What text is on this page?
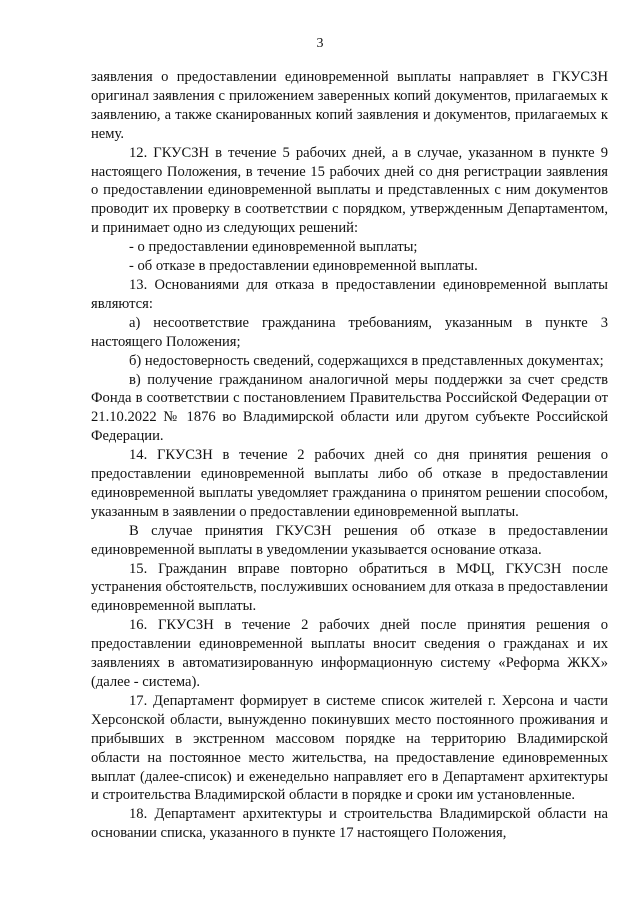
3

заявления о предоставлении единовременной выплаты направляет в ГКУСЗН оригинал заявления с приложением заверенных копий документов, прилагаемых к заявлению, а также сканированных копий заявления и документов, прилагаемых к нему.

12. ГКУСЗН в течение 5 рабочих дней, а в случае, указанном в пункте 9 настоящего Положения, в течение 15 рабочих дней со дня регистрации заявления о предоставлении единовременной выплаты и представленных с ним документов проводит их проверку в соответствии с порядком, утвержденным Департаментом, и принимает одно из следующих решений:

- о предоставлении единовременной выплаты;

- об отказе в предоставлении единовременной выплаты.

13. Основаниями для отказа в предоставлении единовременной выплаты являются:

а) несоответствие гражданина требованиям, указанным в пункте 3 настоящего Положения;

б) недостоверность сведений, содержащихся в представленных документах;

в) получение гражданином аналогичной меры поддержки за счет средств Фонда в соответствии с постановлением Правительства Российской Федерации от 21.10.2022 № 1876 во Владимирской области или другом субъекте Российской Федерации.

14. ГКУСЗН в течение 2 рабочих дней со дня принятия решения о предоставлении единовременной выплаты либо об отказе в предоставлении единовременной выплаты уведомляет гражданина о принятом решении способом, указанным в заявлении о предоставлении единовременной выплаты.

В случае принятия ГКУСЗН решения об отказе в предоставлении единовременной выплаты в уведомлении указывается основание отказа.

15. Гражданин вправе повторно обратиться в МФЦ, ГКУСЗН после устранения обстоятельств, послуживших основанием для отказа в предоставлении единовременной выплаты.

16. ГКУСЗН в течение 2 рабочих дней после принятия решения о предоставлении единовременной выплаты вносит сведения о гражданах и их заявлениях в автоматизированную информационную систему «Реформа ЖКХ» (далее - система).

17. Департамент формирует в системе список жителей г. Херсона и части Херсонской области, вынужденно покинувших место постоянного проживания и прибывших в экстренном массовом порядке на территорию Владимирской области на постоянное место жительства, на предоставление единовременных выплат (далее-список) и еженедельно направляет его в Департамент архитектуры и строительства Владимирской области в порядке и сроки им установленные.

18. Департамент архитектуры и строительства Владимирской области на основании списка, указанного в пункте 17 настоящего Положения,
